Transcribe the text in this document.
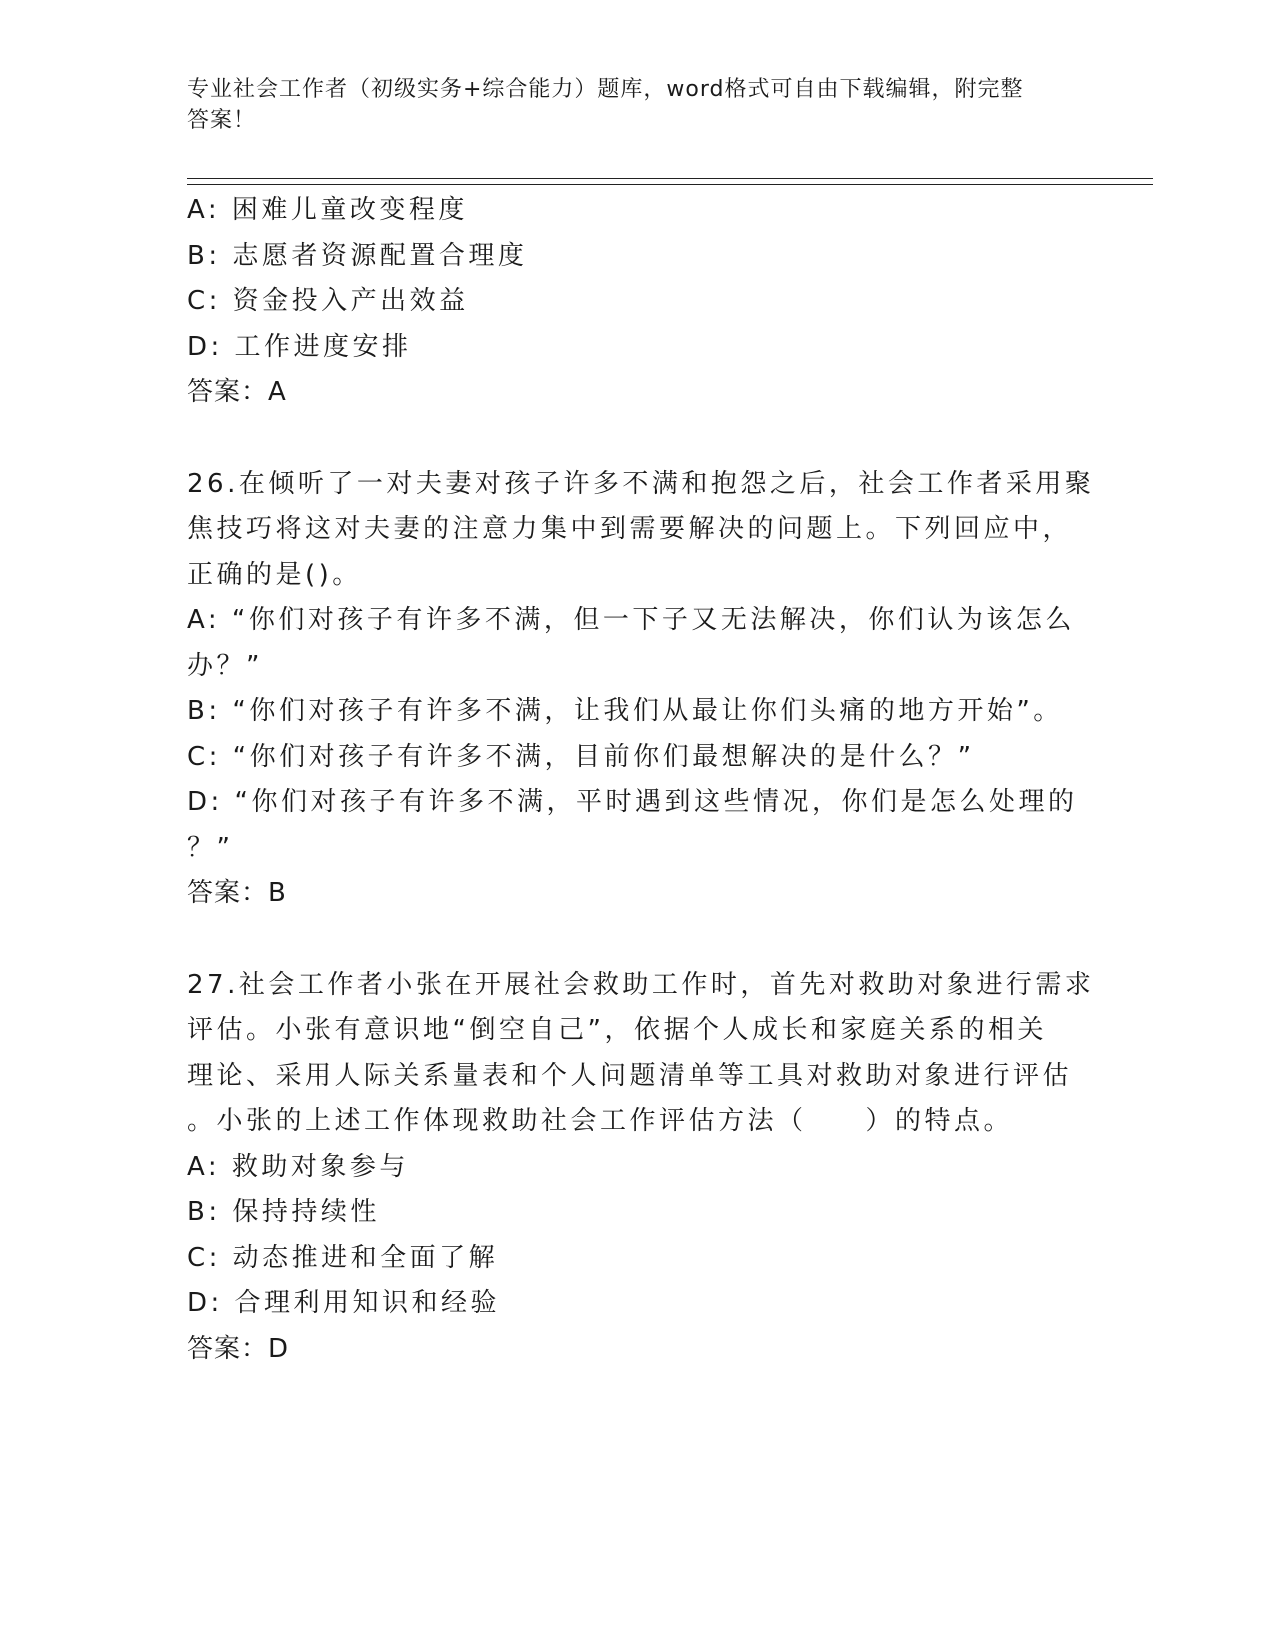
专业社会工作者（初级实务+综合能力）题库，word格式可自由下载编辑，附完整
答案！
A: 困难儿童改变程度
B: 志愿者资源配置合理度
C: 资金投入产出效益
D: 工作进度安排
答案：A
26.在倾听了一对夫妻对孩子许多不满和抱怨之后，社会工作者采用聚
焦技巧将这对夫妻的注意力集中到需要解决的问题上。下列回应中，
正确的是()。
A: “你们对孩子有许多不满，但一下子又无法解决，你们认为该怎么
办？”
B: “你们对孩子有许多不满，让我们从最让你们头痛的地方开始”。
C: “你们对孩子有许多不满，目前你们最想解决的是什么？”
D: “你们对孩子有许多不满，平时遇到这些情况，你们是怎么处理的
？”
答案：B
27.社会工作者小张在开展社会救助工作时，首先对救助对象进行需求
评估。小张有意识地“倒空自己”，依据个人成长和家庭关系的相关
理论、采用人际关系量表和个人问题清单等工具对救助对象进行评估
。小张的上述工作体现救助社会工作评估方法（　　）的特点。
A: 救助对象参与
B: 保持持续性
C: 动态推进和全面了解
D: 合理利用知识和经验
答案：D
